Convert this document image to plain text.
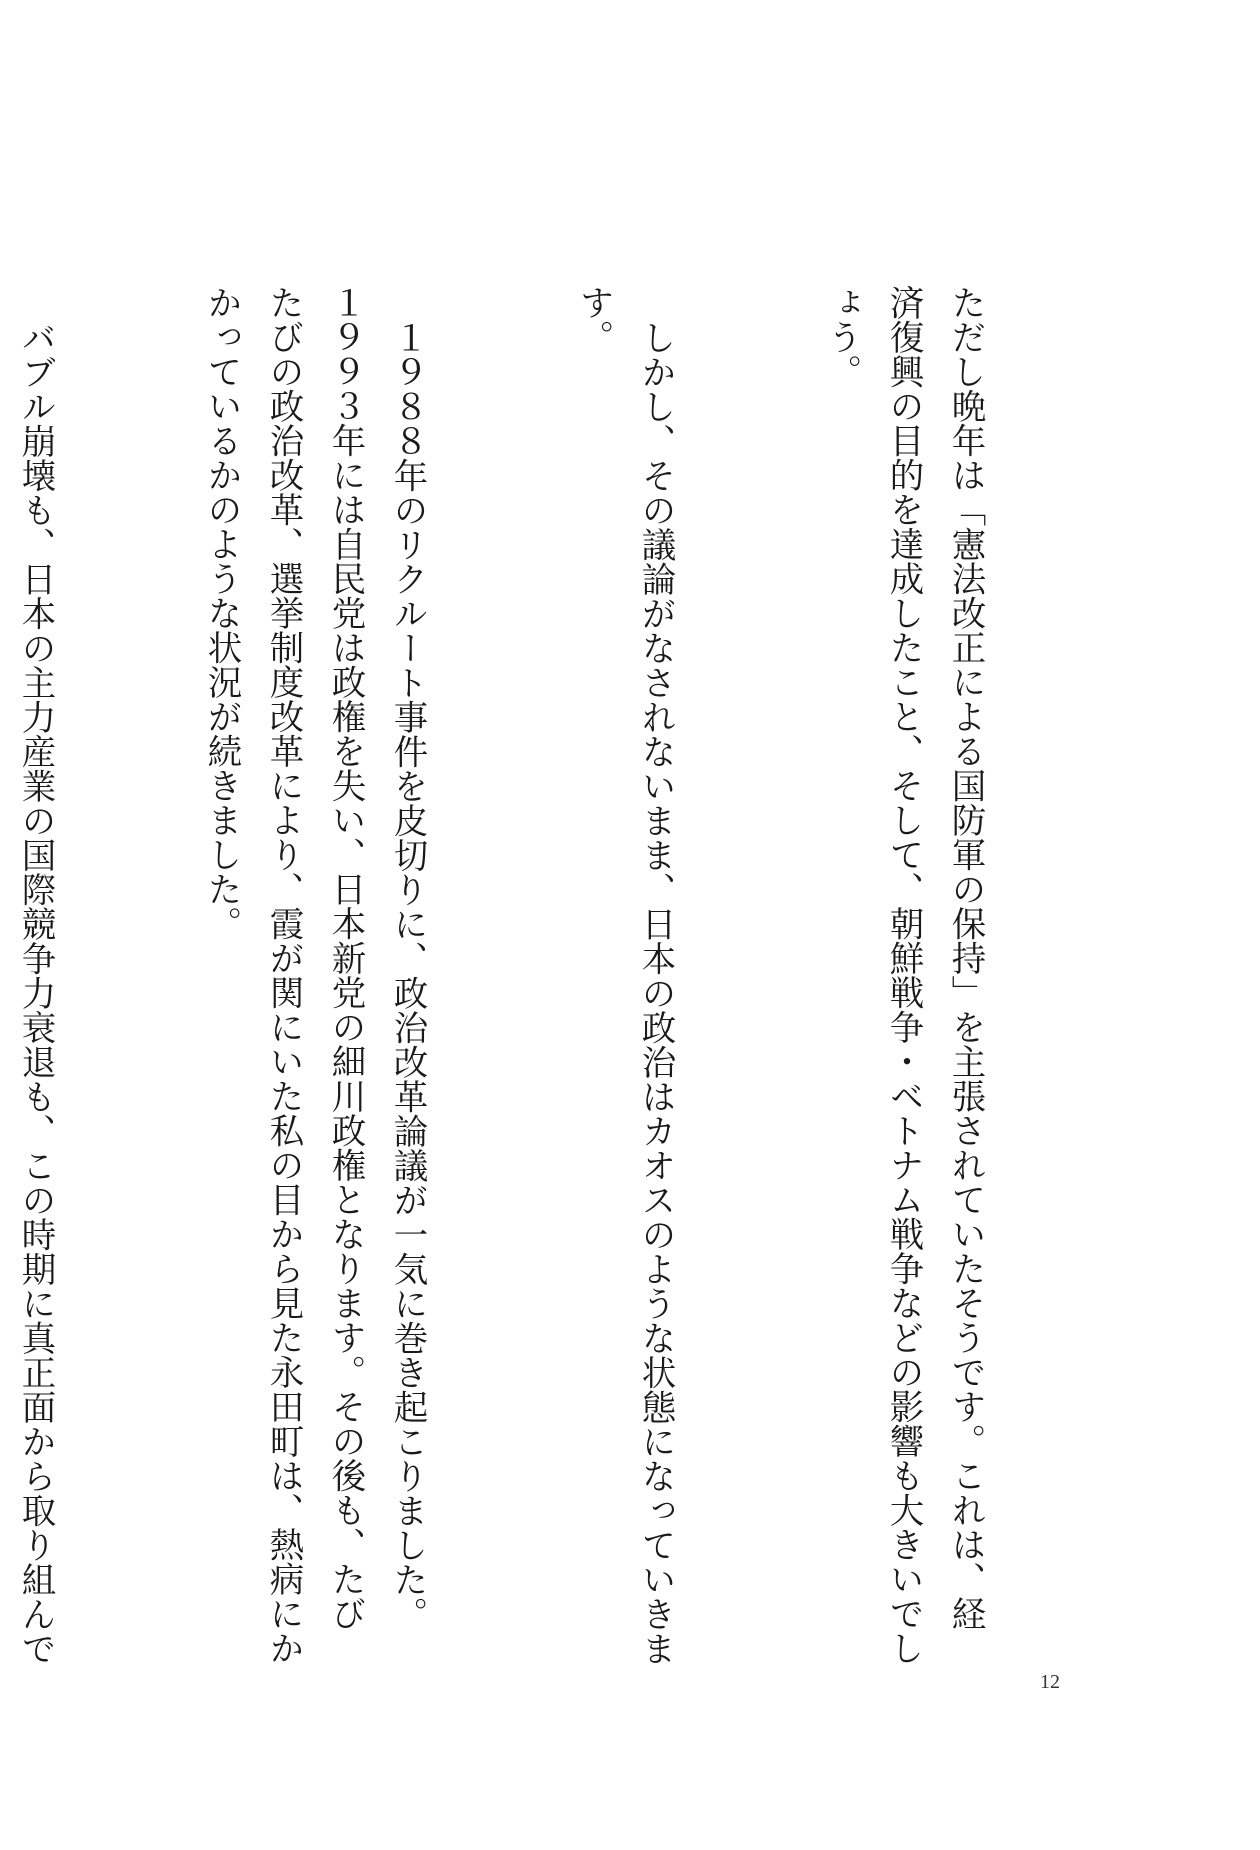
ただし晩年は「憲法改正による国防軍の保持」を主張されていたそうです。これは、経
済復興の目的を達成したこと、そして、朝鮮戦争・ベトナム戦争などの影響も大きいでし
ょう。

しかし、その議論がなされないまま、日本の政治はカオスのような状態になっていきま
す。

１９８８年のリクルート事件を皮切りに、政治改革論議が一気に巻き起こりました。
１９９３年には自民党は政権を失い、日本新党の細川政権となります。その後も、たび
たびの政治改革、選挙制度改革により、霞が関にいた私の目から見た永田町は、熱病にか
かっているかのような状況が続きました。

バブル崩壊も、日本の主力産業の国際競争力衰退も、この時期に真正面から取り組んで

12
